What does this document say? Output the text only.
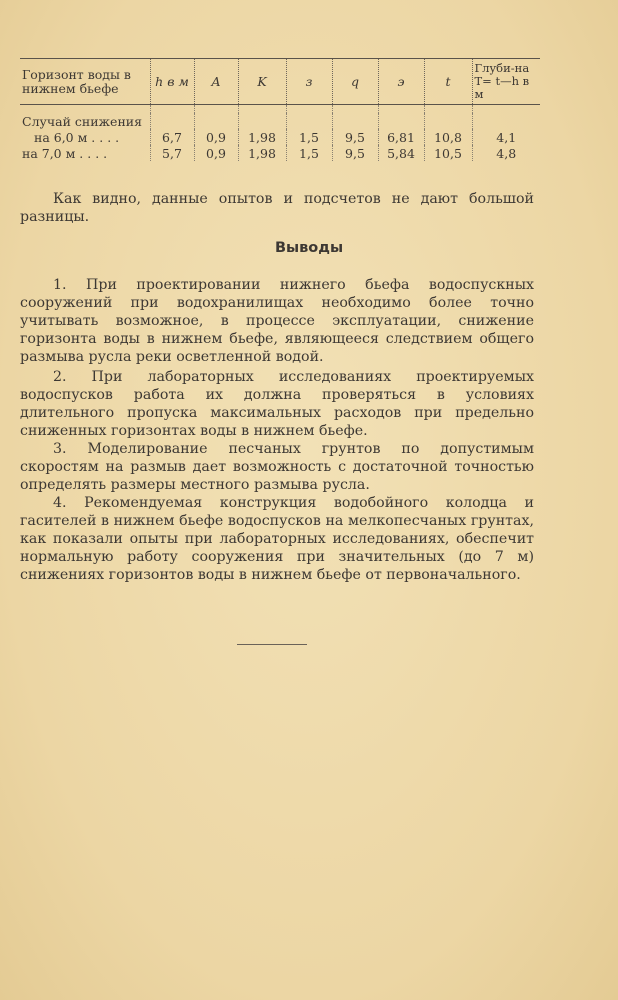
Горизонт воды в нижнем бьефе	h в м	A	K	з	q	э	t	Глуби-на Т= t—h в м

Случай снижения								
на 6,0 м . . . .	6,7	0,9	1,98	1,5	9,5	6,81	10,8	4,1
на 7,0 м . . . .	5,7	0,9	1,98	1,5	9,5	5,84	10,5	4,8

Как видно, данные опытов и подсчетов не дают большой разницы.

Выводы

1. При проектировании нижнего бьефа водоспускных сооружений при водохранилищах необходимо более точно учитывать возможное, в процессе эксплуатации, снижение горизонта воды в нижнем бьефе, являющееся следствием общего размыва русла реки осветленной водой.

2. При лабораторных исследованиях проектируемых водоспусков работа их должна проверяться в условиях длительного пропуска максимальных расходов при предельно сниженных горизонтах воды в нижнем бьефе.

3. Моделирование песчаных грунтов по допустимым скоростям на размыв дает возможность с достаточной точностью определять размеры местного размыва русла.

4. Рекомендуемая конструкция водобойного колодца и гасителей в нижнем бьефе водоспусков на мелкопесчаных грунтах, как показали опыты при лабораторных исследованиях, обеспечит нормальную работу сооружения при значительных (до 7 м) снижениях горизонтов воды в нижнем бьефе от первоначального.
